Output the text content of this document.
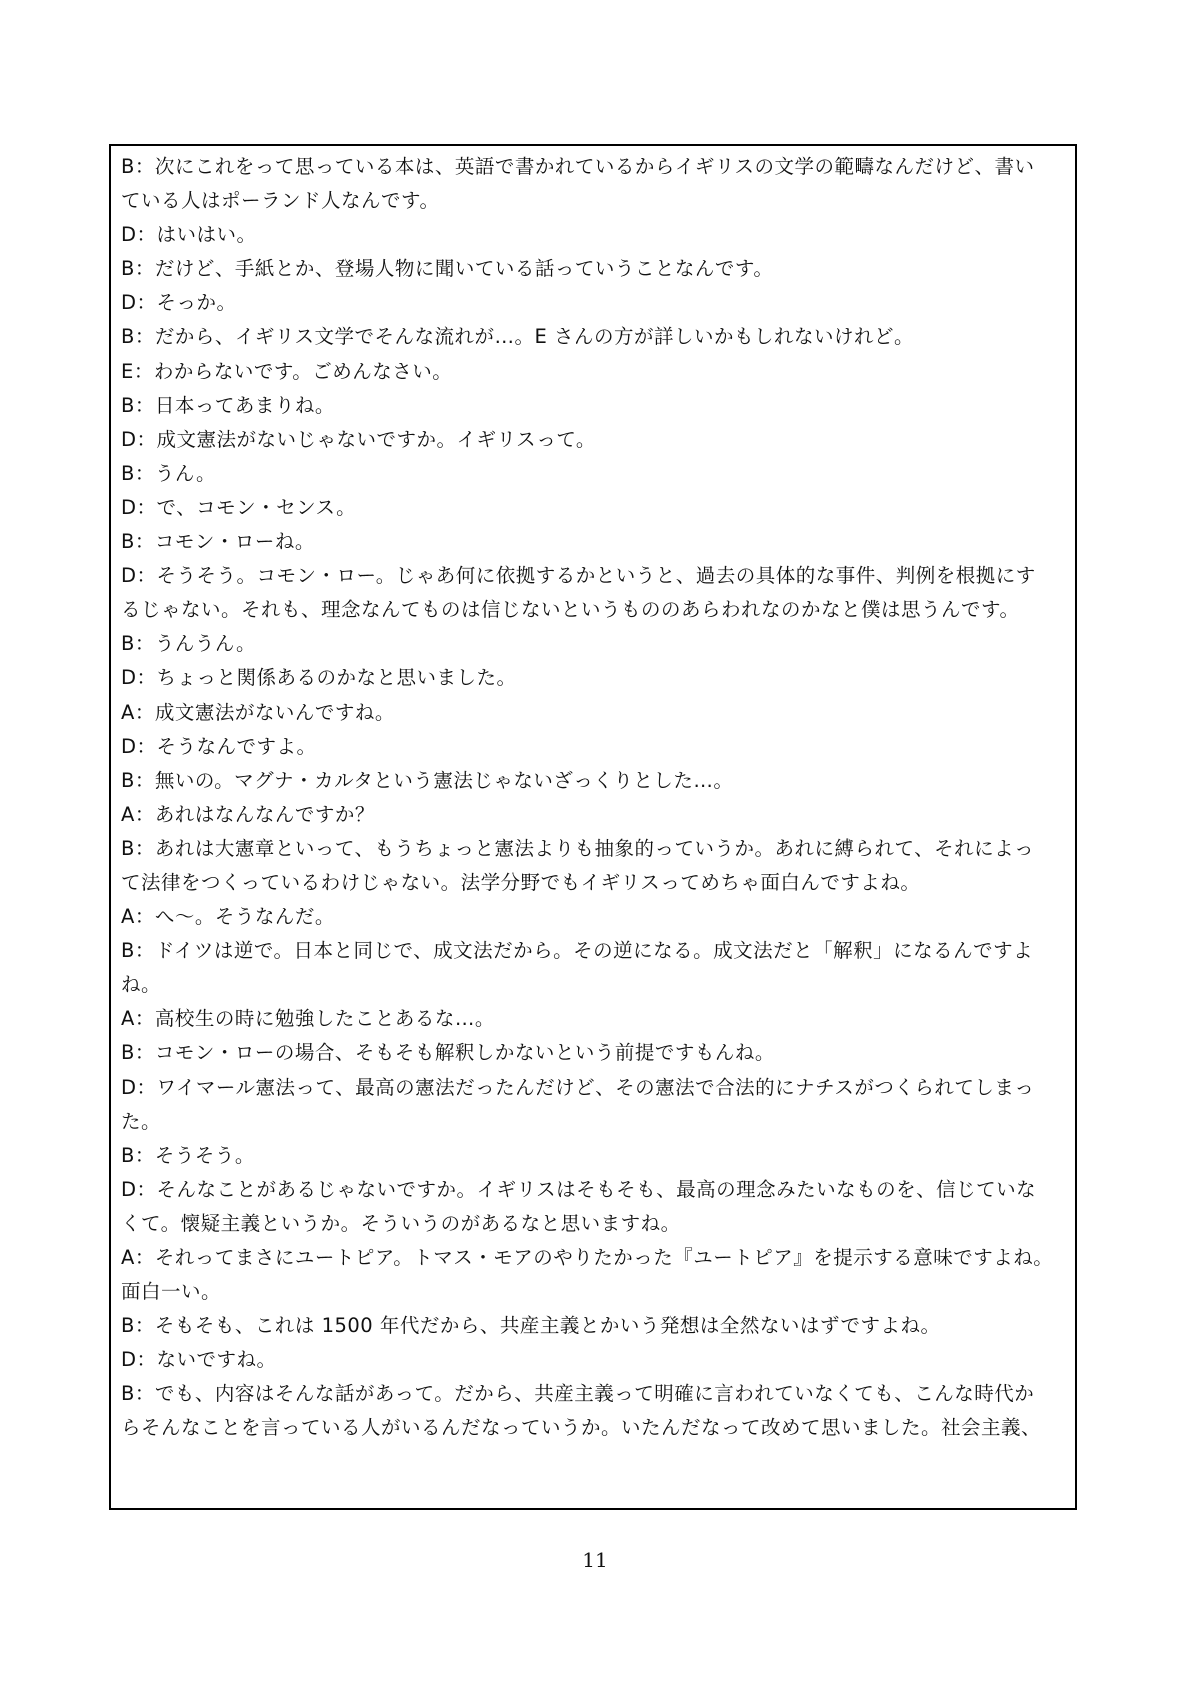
B：次にこれをって思っている本は、英語で書かれているからイギリスの文学の範疇なんだけど、書い
ている人はポーランド人なんです。
D：はいはい。
B：だけど、手紙とか、登場人物に聞いている話っていうことなんです。
D：そっか。
B：だから、イギリス文学でそんな流れが…。E さんの方が詳しいかもしれないけれど。
E：わからないです。ごめんなさい。
B：日本ってあまりね。
D：成文憲法がないじゃないですか。イギリスって。
B：うん。
D：で、コモン・センス。
B：コモン・ローね。
D：そうそう。コモン・ロー。じゃあ何に依拠するかというと、過去の具体的な事件、判例を根拠にす
るじゃない。それも、理念なんてものは信じないというもののあらわれなのかなと僕は思うんです。
B：うんうん。
D：ちょっと関係あるのかなと思いました。
A：成文憲法がないんですね。
D：そうなんですよ。
B：無いの。マグナ・カルタという憲法じゃないざっくりとした…。
A：あれはなんなんですか？
B：あれは大憲章といって、もうちょっと憲法よりも抽象的っていうか。あれに縛られて、それによっ
て法律をつくっているわけじゃない。法学分野でもイギリスってめちゃ面白んですよね。
A：へ～。そうなんだ。
B：ドイツは逆で。日本と同じで、成文法だから。その逆になる。成文法だと「解釈」になるんですよ
ね。
A：高校生の時に勉強したことあるな…。
B：コモン・ローの場合、そもそも解釈しかないという前提ですもんね。
D：ワイマール憲法って、最高の憲法だったんだけど、その憲法で合法的にナチスがつくられてしまっ
た。
B：そうそう。
D：そんなことがあるじゃないですか。イギリスはそもそも、最高の理念みたいなものを、信じていな
くて。懐疑主義というか。そういうのがあるなと思いますね。
A：それってまさにユートピア。トマス・モアのやりたかった『ユートピア』を提示する意味ですよね。
面白一い。
B：そもそも、これは 1500 年代だから、共産主義とかいう発想は全然ないはずですよね。
D：ないですね。
B：でも、内容はそんな話があって。だから、共産主義って明確に言われていなくても、こんな時代か
らそんなことを言っている人がいるんだなっていうか。いたんだなって改めて思いました。社会主義、
11
